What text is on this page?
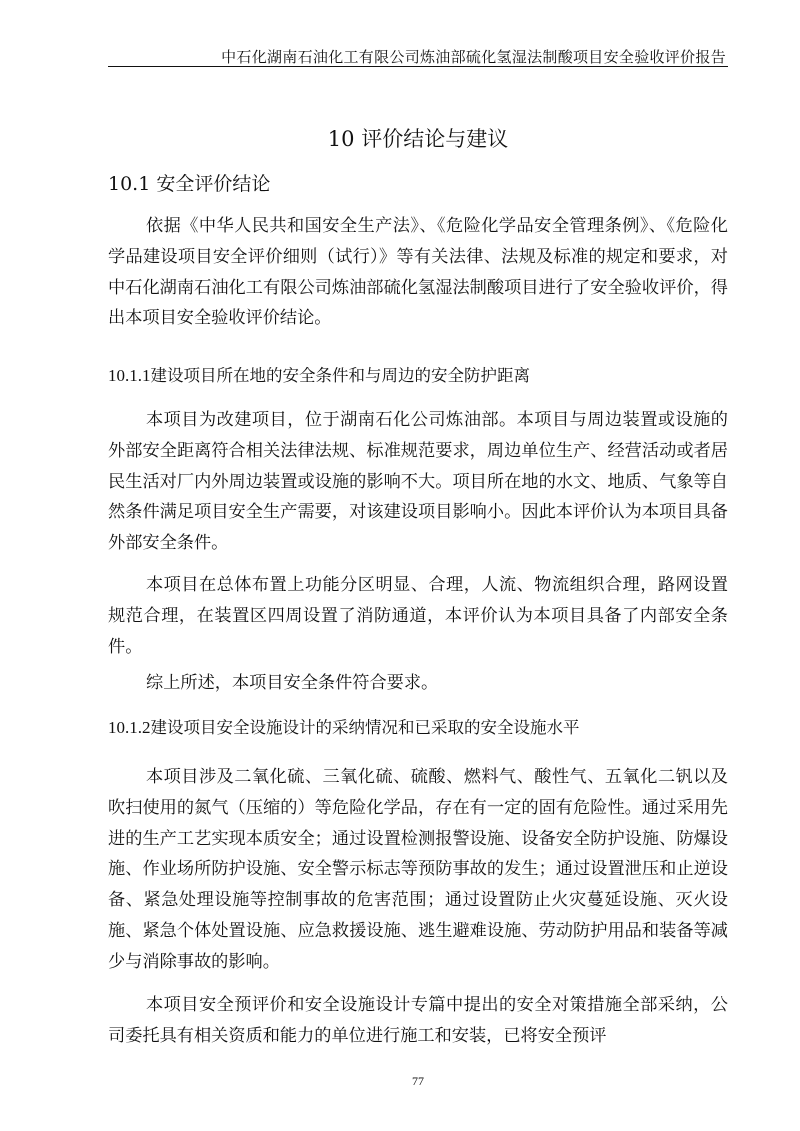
中石化湖南石油化工有限公司炼油部硫化氢湿法制酸项目安全验收评价报告
10 评价结论与建议
10.1 安全评价结论

依据《中华人民共和国安全生产法》、《危险化学品安全管理条例》、《危险化学品建设项目安全评价细则（试行）》等有关法律、法规及标准的规定和要求，对中石化湖南石油化工有限公司炼油部硫化氢湿法制酸项目进行了安全验收评价，得出本项目安全验收评价结论。

10.1.1建设项目所在地的安全条件和与周边的安全防护距离

本项目为改建项目，位于湖南石化公司炼油部。本项目与周边装置或设施的外部安全距离符合相关法律法规、标准规范要求，周边单位生产、经营活动或者居民生活对厂内外周边装置或设施的影响不大。项目所在地的水文、地质、气象等自然条件满足项目安全生产需要，对该建设项目影响小。因此本评价认为本项目具备外部安全条件。

本项目在总体布置上功能分区明显、合理，人流、物流组织合理，路网设置规范合理，在装置区四周设置了消防通道，本评价认为本项目具备了内部安全条件。

综上所述，本项目安全条件符合要求。

10.1.2建设项目安全设施设计的采纳情况和已采取的安全设施水平

本项目涉及二氧化硫、三氧化硫、硫酸、燃料气、酸性气、五氧化二钒以及吹扫使用的氮气（压缩的）等危险化学品，存在有一定的固有危险性。通过采用先进的生产工艺实现本质安全；通过设置检测报警设施、设备安全防护设施、防爆设施、作业场所防护设施、安全警示标志等预防事故的发生；通过设置泄压和止逆设备、紧急处理设施等控制事故的危害范围；通过设置防止火灾蔓延设施、灭火设施、紧急个体处置设施、应急救援设施、逃生避难设施、劳动防护用品和装备等减少与消除事故的影响。

本项目安全预评价和安全设施设计专篇中提出的安全对策措施全部采纳，公司委托具有相关资质和能力的单位进行施工和安装，已将安全预评

77
